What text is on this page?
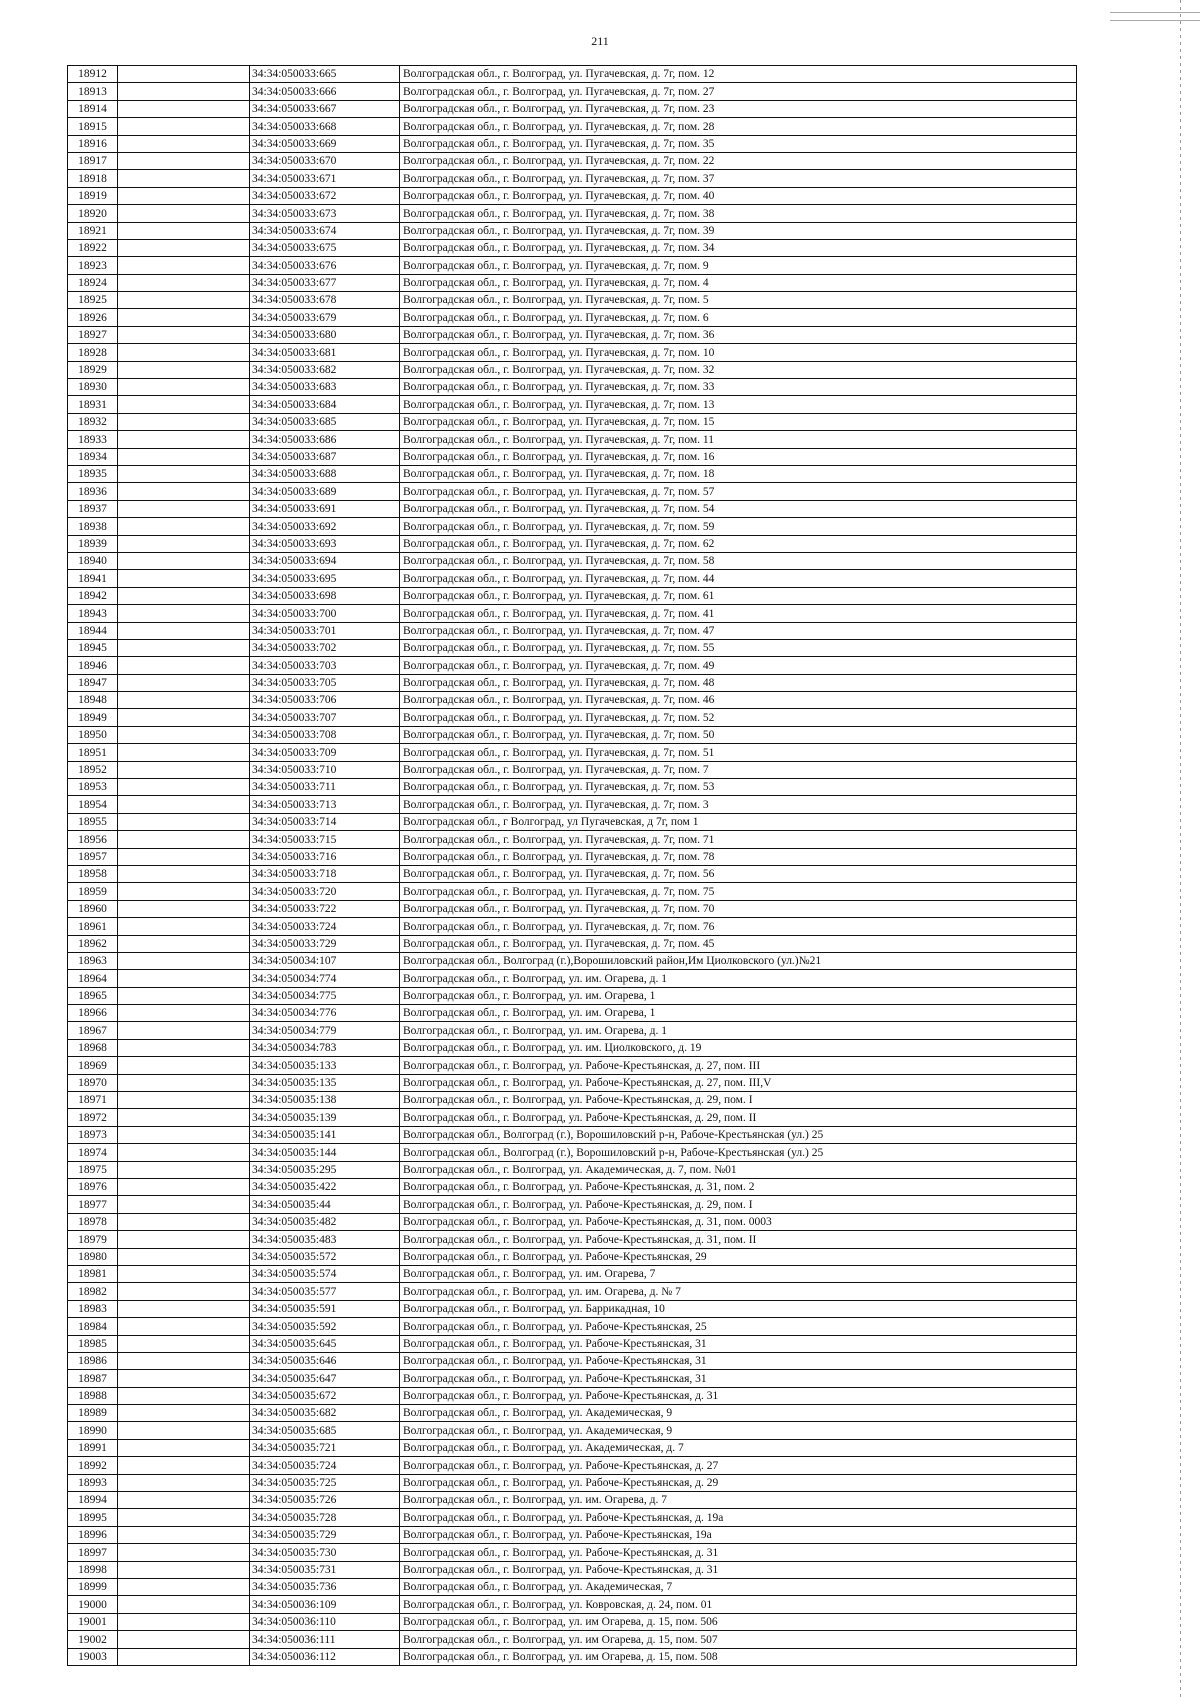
211
18912		34:34:050033:665	Волгоградская обл., г. Волгоград, ул. Пугачевская, д. 7г, пом. 12
18913		34:34:050033:666	Волгоградская обл., г. Волгоград, ул. Пугачевская, д. 7г, пом. 27
18914		34:34:050033:667	Волгоградская обл., г. Волгоград, ул. Пугачевская, д. 7г, пом. 23
18915		34:34:050033:668	Волгоградская обл., г. Волгоград, ул. Пугачевская, д. 7г, пом. 28
18916		34:34:050033:669	Волгоградская обл., г. Волгоград, ул. Пугачевская, д. 7г, пом. 35
18917		34:34:050033:670	Волгоградская обл., г. Волгоград, ул. Пугачевская, д. 7г, пом. 22
18918		34:34:050033:671	Волгоградская обл., г. Волгоград, ул. Пугачевская, д. 7г, пом. 37
18919		34:34:050033:672	Волгоградская обл., г. Волгоград, ул. Пугачевская, д. 7г, пом. 40
18920		34:34:050033:673	Волгоградская обл., г. Волгоград, ул. Пугачевская, д. 7г, пом. 38
18921		34:34:050033:674	Волгоградская обл., г. Волгоград, ул. Пугачевская, д. 7г, пом. 39
18922		34:34:050033:675	Волгоградская обл., г. Волгоград, ул. Пугачевская, д. 7г, пом. 34
18923		34:34:050033:676	Волгоградская обл., г. Волгоград, ул. Пугачевская, д. 7г, пом. 9
18924		34:34:050033:677	Волгоградская обл., г. Волгоград, ул. Пугачевская, д. 7г, пом. 4
18925		34:34:050033:678	Волгоградская обл., г. Волгоград, ул. Пугачевская, д. 7г, пом. 5
18926		34:34:050033:679	Волгоградская обл., г. Волгоград, ул. Пугачевская, д. 7г, пом. 6
18927		34:34:050033:680	Волгоградская обл., г. Волгоград, ул. Пугачевская, д. 7г, пом. 36
18928		34:34:050033:681	Волгоградская обл., г. Волгоград, ул. Пугачевская, д. 7г, пом. 10
18929		34:34:050033:682	Волгоградская обл., г. Волгоград, ул. Пугачевская, д. 7г, пом. 32
18930		34:34:050033:683	Волгоградская обл., г. Волгоград, ул. Пугачевская, д. 7г, пом. 33
18931		34:34:050033:684	Волгоградская обл., г. Волгоград, ул. Пугачевская, д. 7г, пом. 13
18932		34:34:050033:685	Волгоградская обл., г. Волгоград, ул. Пугачевская, д. 7г, пом. 15
18933		34:34:050033:686	Волгоградская обл., г. Волгоград, ул. Пугачевская, д. 7г, пом. 11
18934		34:34:050033:687	Волгоградская обл., г. Волгоград, ул. Пугачевская, д. 7г, пом. 16
18935		34:34:050033:688	Волгоградская обл., г. Волгоград, ул. Пугачевская, д. 7г, пом. 18
18936		34:34:050033:689	Волгоградская обл., г. Волгоград, ул. Пугачевская, д. 7г, пом. 57
18937		34:34:050033:691	Волгоградская обл., г. Волгоград, ул. Пугачевская, д. 7г, пом. 54
18938		34:34:050033:692	Волгоградская обл., г. Волгоград, ул. Пугачевская, д. 7г, пом. 59
18939		34:34:050033:693	Волгоградская обл., г. Волгоград, ул. Пугачевская, д. 7г, пом. 62
18940		34:34:050033:694	Волгоградская обл., г. Волгоград, ул. Пугачевская, д. 7г, пом. 58
18941		34:34:050033:695	Волгоградская обл., г. Волгоград, ул. Пугачевская, д. 7г, пом. 44
18942		34:34:050033:698	Волгоградская обл., г. Волгоград, ул. Пугачевская, д. 7г, пом. 61
18943		34:34:050033:700	Волгоградская обл., г. Волгоград, ул. Пугачевская, д. 7г, пом. 41
18944		34:34:050033:701	Волгоградская обл., г. Волгоград, ул. Пугачевская, д. 7г, пом. 47
18945		34:34:050033:702	Волгоградская обл., г. Волгоград, ул. Пугачевская, д. 7г, пом. 55
18946		34:34:050033:703	Волгоградская обл., г. Волгоград, ул. Пугачевская, д. 7г, пом. 49
18947		34:34:050033:705	Волгоградская обл., г. Волгоград, ул. Пугачевская, д. 7г, пом. 48
18948		34:34:050033:706	Волгоградская обл., г. Волгоград, ул. Пугачевская, д. 7г, пом. 46
18949		34:34:050033:707	Волгоградская обл., г. Волгоград, ул. Пугачевская, д. 7г, пом. 52
18950		34:34:050033:708	Волгоградская обл., г. Волгоград, ул. Пугачевская, д. 7г, пом. 50
18951		34:34:050033:709	Волгоградская обл., г. Волгоград, ул. Пугачевская, д. 7г, пом. 51
18952		34:34:050033:710	Волгоградская обл., г. Волгоград, ул. Пугачевская, д. 7г, пом. 7
18953		34:34:050033:711	Волгоградская обл., г. Волгоград, ул. Пугачевская, д. 7г, пом. 53
18954		34:34:050033:713	Волгоградская обл., г. Волгоград, ул. Пугачевская, д. 7г, пом. 3
18955		34:34:050033:714	Волгоградская обл., г Волгоград, ул Пугачевская, д 7г, пом 1
18956		34:34:050033:715	Волгоградская обл., г. Волгоград, ул. Пугачевская, д. 7г, пом. 71
18957		34:34:050033:716	Волгоградская обл., г. Волгоград, ул. Пугачевская, д. 7г, пом. 78
18958		34:34:050033:718	Волгоградская обл., г. Волгоград, ул. Пугачевская, д. 7г, пом. 56
18959		34:34:050033:720	Волгоградская обл., г. Волгоград, ул. Пугачевская, д. 7г, пом. 75
18960		34:34:050033:722	Волгоградская обл., г. Волгоград, ул. Пугачевская, д. 7г, пом. 70
18961		34:34:050033:724	Волгоградская обл., г. Волгоград, ул. Пугачевская, д. 7г, пом. 76
18962		34:34:050033:729	Волгоградская обл., г. Волгоград, ул. Пугачевская, д. 7г, пом. 45
18963		34:34:050034:107	Волгоградская обл., Волгоград (г.),Ворошиловский район,Им Циолковского (ул.)№21
18964		34:34:050034:774	Волгоградская обл., г. Волгоград, ул. им. Огарева, д. 1
18965		34:34:050034:775	Волгоградская обл., г. Волгоград, ул. им. Огарева, 1
18966		34:34:050034:776	Волгоградская обл., г. Волгоград, ул. им. Огарева, 1
18967		34:34:050034:779	Волгоградская обл., г. Волгоград, ул. им. Огарева, д. 1
18968		34:34:050034:783	Волгоградская обл., г. Волгоград, ул. им. Циолковского, д. 19
18969		34:34:050035:133	Волгоградская обл., г. Волгоград, ул. Рабоче-Крестьянская, д. 27, пом. III
18970		34:34:050035:135	Волгоградская обл., г. Волгоград, ул. Рабоче-Крестьянская, д. 27, пом. III,V
18971		34:34:050035:138	Волгоградская обл., г. Волгоград, ул. Рабоче-Крестьянская, д. 29, пом. I
18972		34:34:050035:139	Волгоградская обл., г. Волгоград, ул. Рабоче-Крестьянская, д. 29, пом. II
18973		34:34:050035:141	Волгоградская обл., Волгоград (г.), Ворошиловский р-н, Рабоче-Крестьянская (ул.) 25
18974		34:34:050035:144	Волгоградская обл., Волгоград (г.), Ворошиловский р-н, Рабоче-Крестьянская (ул.) 25
18975		34:34:050035:295	Волгоградская обл., г. Волгоград, ул. Академическая, д. 7, пом. №01
18976		34:34:050035:422	Волгоградская обл., г. Волгоград, ул. Рабоче-Крестьянская, д. 31, пом. 2
18977		34:34:050035:44	Волгоградская обл., г. Волгоград, ул. Рабоче-Крестьянская, д. 29, пом. I
18978		34:34:050035:482	Волгоградская обл., г. Волгоград, ул. Рабоче-Крестьянская, д. 31, пом. 0003
18979		34:34:050035:483	Волгоградская обл., г. Волгоград, ул. Рабоче-Крестьянская, д. 31, пом. II
18980		34:34:050035:572	Волгоградская обл., г. Волгоград, ул. Рабоче-Крестьянская, 29
18981		34:34:050035:574	Волгоградская обл., г. Волгоград, ул. им. Огарева, 7
18982		34:34:050035:577	Волгоградская обл., г. Волгоград, ул. им. Огарева, д. № 7
18983		34:34:050035:591	Волгоградская обл., г. Волгоград, ул. Баррикадная, 10
18984		34:34:050035:592	Волгоградская обл., г. Волгоград, ул. Рабоче-Крестьянская, 25
18985		34:34:050035:645	Волгоградская обл., г. Волгоград, ул. Рабоче-Крестьянская, 31
18986		34:34:050035:646	Волгоградская обл., г. Волгоград, ул. Рабоче-Крестьянская, 31
18987		34:34:050035:647	Волгоградская обл., г. Волгоград, ул. Рабоче-Крестьянская, 31
18988		34:34:050035:672	Волгоградская обл., г. Волгоград, ул. Рабоче-Крестьянская, д. 31
18989		34:34:050035:682	Волгоградская обл., г. Волгоград, ул. Академическая, 9
18990		34:34:050035:685	Волгоградская обл., г. Волгоград, ул. Академическая, 9
18991		34:34:050035:721	Волгоградская обл., г. Волгоград, ул. Академическая, д. 7
18992		34:34:050035:724	Волгоградская обл., г. Волгоград, ул. Рабоче-Крестьянская, д. 27
18993		34:34:050035:725	Волгоградская обл., г. Волгоград, ул. Рабоче-Крестьянская, д. 29
18994		34:34:050035:726	Волгоградская обл., г. Волгоград, ул. им. Огарева, д. 7
18995		34:34:050035:728	Волгоградская обл., г. Волгоград, ул. Рабоче-Крестьянская, д. 19а
18996		34:34:050035:729	Волгоградская обл., г. Волгоград, ул. Рабоче-Крестьянская, 19а
18997		34:34:050035:730	Волгоградская обл., г. Волгоград, ул. Рабоче-Крестьянская, д. 31
18998		34:34:050035:731	Волгоградская обл., г. Волгоград, ул. Рабоче-Крестьянская, д. 31
18999		34:34:050035:736	Волгоградская обл., г. Волгоград, ул. Академическая, 7
19000		34:34:050036:109	Волгоградская обл., г. Волгоград, ул. Ковровская, д. 24, пом. 01
19001		34:34:050036:110	Волгоградская обл., г. Волгоград, ул. им Огарева, д. 15, пом. 506
19002		34:34:050036:111	Волгоградская обл., г. Волгоград, ул. им Огарева, д. 15, пом. 507
19003		34:34:050036:112	Волгоградская обл., г. Волгоград, ул. им Огарева, д. 15, пом. 508
